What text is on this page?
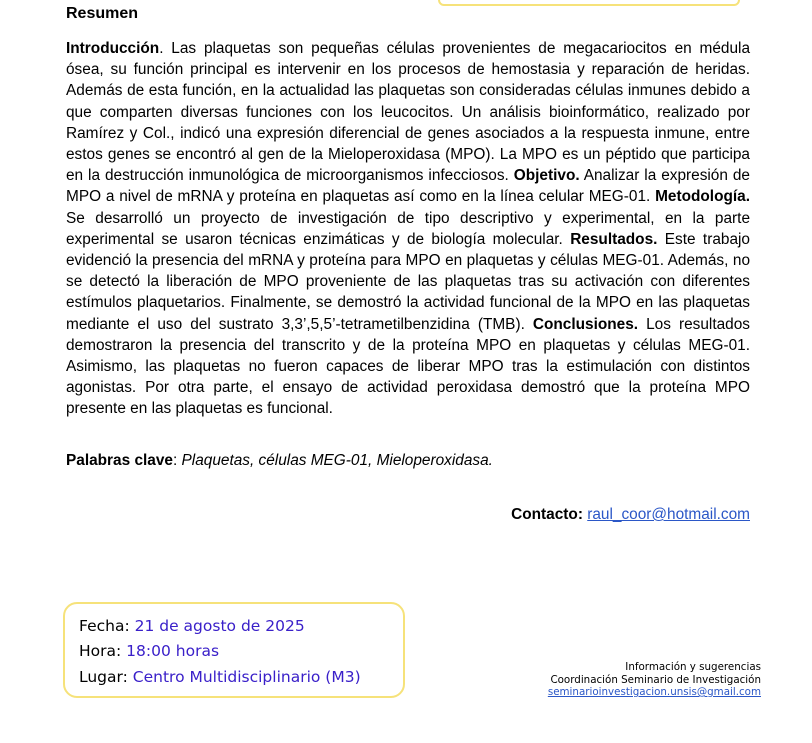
Resumen

Introducción. Las plaquetas son pequeñas células provenientes de megacariocitos en médula ósea, su función principal es intervenir en los procesos de hemostasia y reparación de heridas. Además de esta función, en la actualidad las plaquetas son consideradas células inmunes debido a que comparten diversas funciones con los leucocitos. Un análisis bioinformático, realizado por Ramírez y Col., indicó una expresión diferencial de genes asociados a la respuesta inmune, entre estos genes se encontró al gen de la Mieloperoxidasa (MPO). La MPO es un péptido que participa en la destrucción inmunológica de microorganismos infecciosos. Objetivo. Analizar la expresión de MPO a nivel de mRNA y proteína en plaquetas así como en la línea celular MEG-01. Metodología. Se desarrolló un proyecto de investigación de tipo descriptivo y experimental, en la parte experimental se usaron técnicas enzimáticas y de biología molecular. Resultados. Este trabajo evidenció la presencia del mRNA y proteína para MPO en plaquetas y células MEG-01. Además, no se detectó la liberación de MPO proveniente de las plaquetas tras su activación con diferentes estímulos plaquetarios. Finalmente, se demostró la actividad funcional de la MPO en las plaquetas mediante el uso del sustrato 3,3’,5,5’-tetrametilbenzidina (TMB). Conclusiones. Los resultados demostraron la presencia del transcrito y de la proteína MPO en plaquetas y células MEG-01. Asimismo, las plaquetas no fueron capaces de liberar MPO tras la estimulación con distintos agonistas. Por otra parte, el ensayo de actividad peroxidasa demostró que la proteína MPO presente en las plaquetas es funcional.

Palabras clave: Plaquetas, células MEG-01, Mieloperoxidasa.

Contacto: raul_coor@hotmail.com
Fecha: 21 de agosto de 2025
Hora: 18:00 horas
Lugar: Centro Multidisciplinario (M3)
Información y sugerencias
Coordinación Seminario de Investigación
seminarioinvestigacion.unsis@gmail.com
